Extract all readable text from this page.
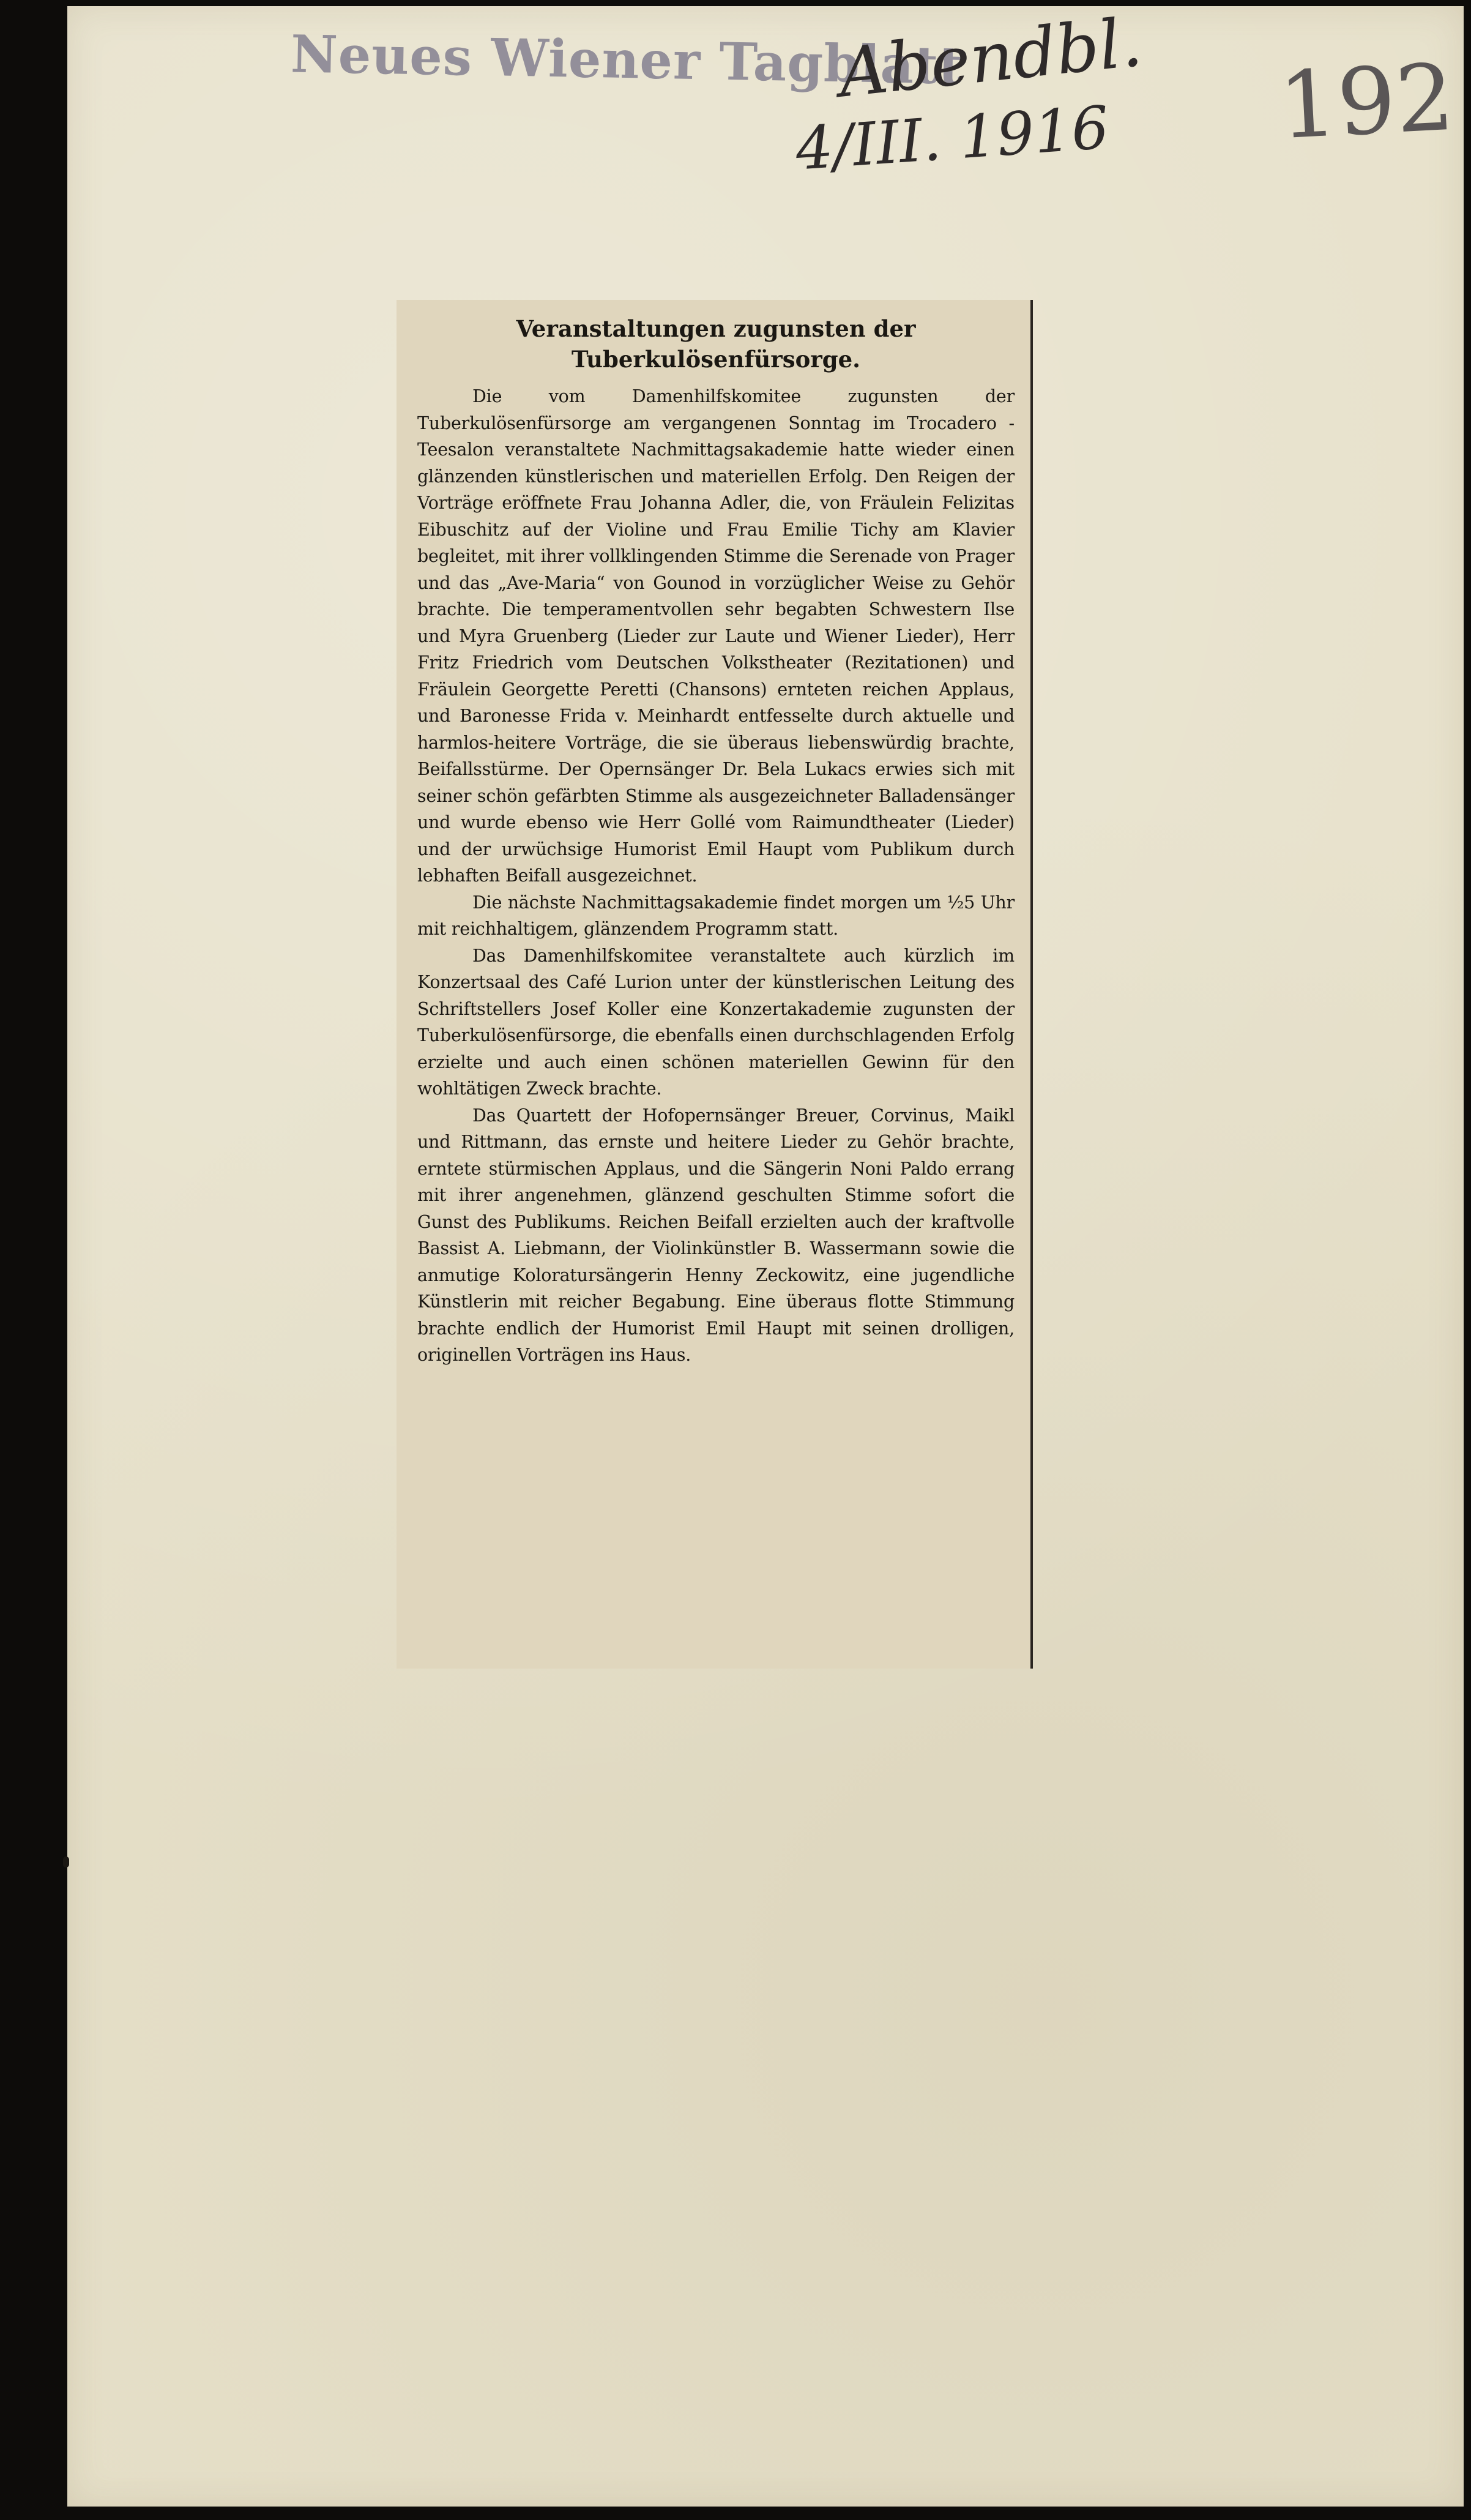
Neues Wiener Tagblatt
Abendbl.
4/III. 1916 192
Veranstaltungen zugunsten der Tuberkulösenfürsorge.

Die vom Damenhilfskomitee zugunsten der Tuberkulösenfürsorge am vergangenen Sonntag im Trocadero - Teesalon veranstaltete Nachmittagsakademie hatte wieder einen glänzenden künstlerischen und materiellen Erfolg. Den Reigen der Vorträge eröffnete Frau Johanna Adler, die, von Fräulein Felizitas Eibuschitz auf der Violine und Frau Emilie Tichy am Klavier begleitet, mit ihrer vollklingenden Stimme die Serenade von Prager und das „Ave-Maria“ von Gounod in vorzüglicher Weise zu Gehör brachte. Die temperamentvollen sehr begabten Schwestern Ilse und Myra Gruenberg (Lieder zur Laute und Wiener Lieder), Herr Fritz Friedrich vom Deutschen Volkstheater (Rezitationen) und Fräulein Georgette Peretti (Chansons) ernteten reichen Applaus, und Baronesse Frida v. Meinhardt entfesselte durch aktuelle und harmlos-heitere Vorträge, die sie überaus liebenswürdig brachte, Beifallsstürme. Der Opernsänger Dr. Bela Lukacs erwies sich mit seiner schön gefärbten Stimme als ausgezeichneter Balladensänger und wurde ebenso wie Herr Gollé vom Raimundtheater (Lieder) und der urwüchsige Humorist Emil Haupt vom Publikum durch lebhaften Beifall ausgezeichnet.

Die nächste Nachmittagsakademie findet morgen um ½5 Uhr mit reichhaltigem, glänzendem Programm statt.

Das Damenhilfskomitee veranstaltete auch kürzlich im Konzertsaal des Café Lurion unter der künstlerischen Leitung des Schriftstellers Josef Koller eine Konzertakademie zugunsten der Tuberkulösenfürsorge, die ebenfalls einen durchschlagenden Erfolg erzielte und auch einen schönen materiellen Gewinn für den wohltätigen Zweck brachte.

Das Quartett der Hofopernsänger Breuer, Corvinus, Maikl und Rittmann, das ernste und heitere Lieder zu Gehör brachte, erntete stürmischen Applaus, und die Sängerin Noni Paldo errang mit ihrer angenehmen, glänzend geschulten Stimme sofort die Gunst des Publikums. Reichen Beifall erzielten auch der kraftvolle Bassist A. Liebmann, der Violinkünstler B. Wassermann sowie die anmutige Koloratursängerin Henny Zeckowitz, eine jugendliche Künstlerin mit reicher Begabung. Eine überaus flotte Stimmung brachte endlich der Humorist Emil Haupt mit seinen drolligen, originellen Vorträgen ins Haus.
